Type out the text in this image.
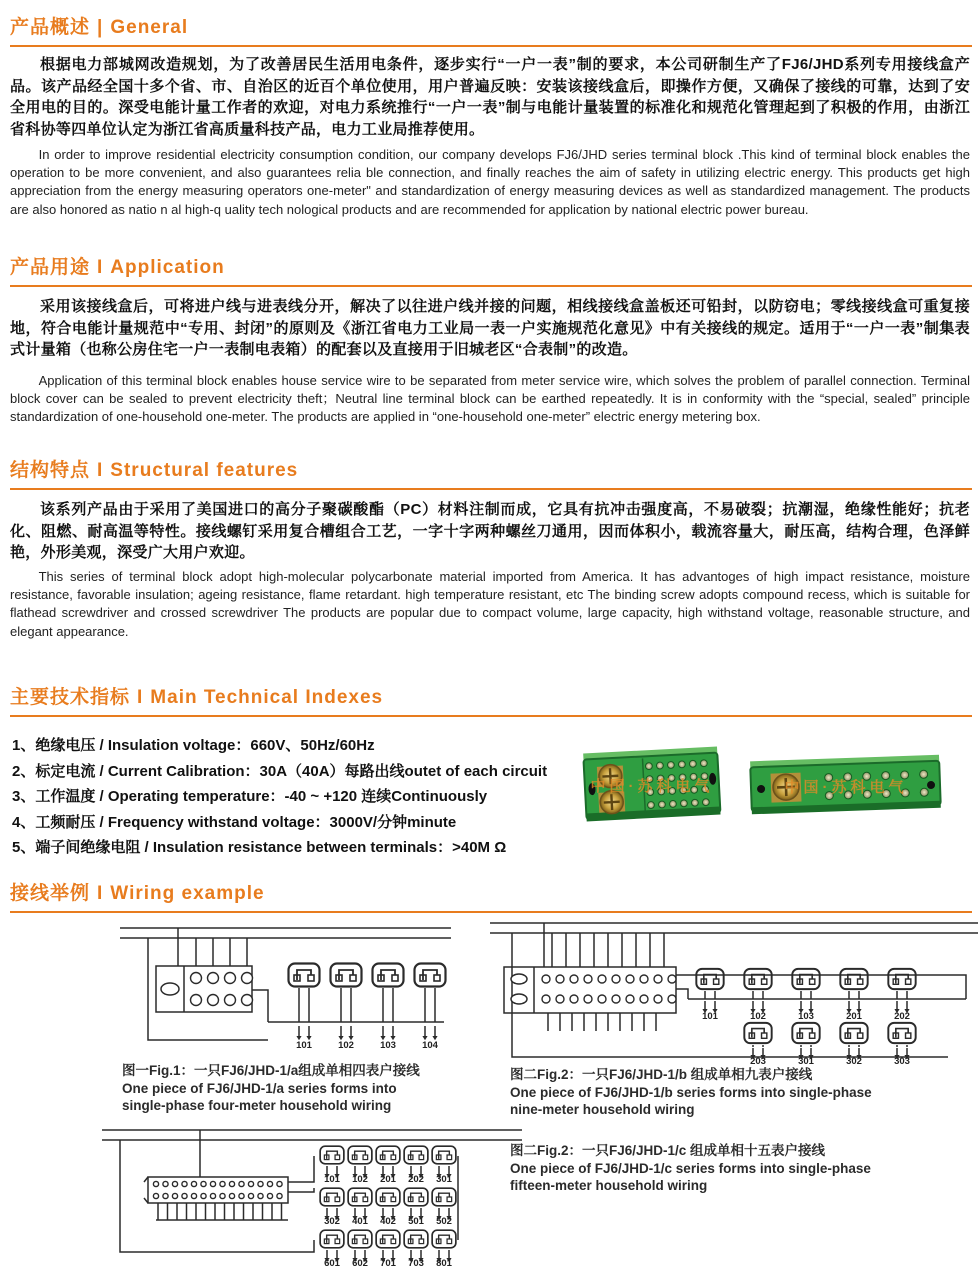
产品概述 | General
根据电力部城网改造规划，为了改善居民生活用电条件，逐步实行“一户一表”制的要求，本公司研制生产了FJ6/JHD系列专用接线盒产品。该产品经全国十多个省、市、自治区的近百个单位使用，用户普遍反映：安装该接线盒后，即操作方便，又确保了接线的可靠，达到了安全用电的目的。深受电能计量工作者的欢迎，对电力系统推行“一户一表”制与电能计量装置的标准化和规范化管理起到了积极的作用，由浙江省科协等四单位认定为浙江省高质量科技产品，电力工业局推荐使用。
In order to improve residential electricity consumption condition, our company develops FJ6/JHD series terminal block .This kind of terminal block enables the operation to be more convenient, and also guarantees relia ble connection, and finally reaches the aim of safety in utilizing electric energy. This products get high appreciation from the energy measuring operators one-meter" and standardization of energy measuring devices as well as standardized management. The products are also honored as natio n al high-q uality tech nological products and are recommended for application by national electric power bureau.
产品用途 I Application
采用该接线盒后，可将进户线与进表线分开，解决了以往进户线并接的问题，相线接线盒盖板还可铅封，以防窃电；零线接线盒可重复接地，符合电能计量规范中“专用、封闭”的原则及《浙江省电力工业局一表一户实施规范化意见》中有关接线的规定。适用于“一户一表”制集表式计量箱（也称公房住宅一户一表制电表箱）的配套以及直接用于旧城老区“合表制”的改造。
Application of this terminal block enables house service wire to be separated from meter service wire, which solves the problem of parallel connection. Terminal block cover can be sealed to prevent electricity theft；Neutral line terminal block can be earthed repeatedly. It is in conformity with the “special, sealed” principle standardization of one-household one-meter. The products are applied in “one-household one-meter” electric energy metering box.
结构特点 I Structural features
该系列产品由于采用了美国进口的高分子聚碳酸酯（PC）材料注制而成，它具有抗冲击强度高，不易破裂；抗潮湿，绝缘性能好；抗老化、阻燃、耐高温等特性。接线螺钉采用复合槽组合工艺，一字十字两种螺丝刀通用，因而体积小，载流容量大，耐压高，结构合理，色泽鲜艳，外形美观，深受广大用户欢迎。
This series of terminal block adopt high-molecular polycarbonate material imported from America. It has advantoges of high impact resistance, moisture resistance, favorable insulation; ageing resistance, flame retardant. high temperature resistant, etc The binding screw adopts compound recess, which is suitable for flathead screwdriver and crossed screwdriver The products are popular due to compact volume, large capacity, high withstand voltage, reasonable structure, and elegant appearance.
主要技术指标 I Main Technical Indexes
1、绝缘电压 / Insulation voltage：660V、50Hz/60Hz
2、标定电流 / Current Calibration：30A（40A）每路出线outet of each circuit
3、工作温度 / Operating temperature：-40 ~ +120 连续Continuously
4、工频耐压 / Frequency withstand voltage：3000V/分钟minute
5、端子间绝缘电阻 / Insulation resistance between terminals：>40M Ω
中国·苏科电气	中国·苏科电气
接线举例 I Wiring example
101	102	103	104
101	102	103	201	202
203	301	302	303
图一Fig.1：一只FJ6/JHD-1/a组成单相四表户接线
One piece of FJ6/JHD-1/a series forms into
single-phase four-meter household wiring
图二Fig.2：一只FJ6/JHD-1/b 组成单相九表户接线
One piece of FJ6/JHD-1/b series forms into single-phase
nine-meter household wiring
101 102 201 202 301
302 401 402 501 502
601 602 701 703 801
图二Fig.2：一只FJ6/JHD-1/c 组成单相十五表户接线
One piece of FJ6/JHD-1/c series forms into single-phase
fifteen-meter household wiring
